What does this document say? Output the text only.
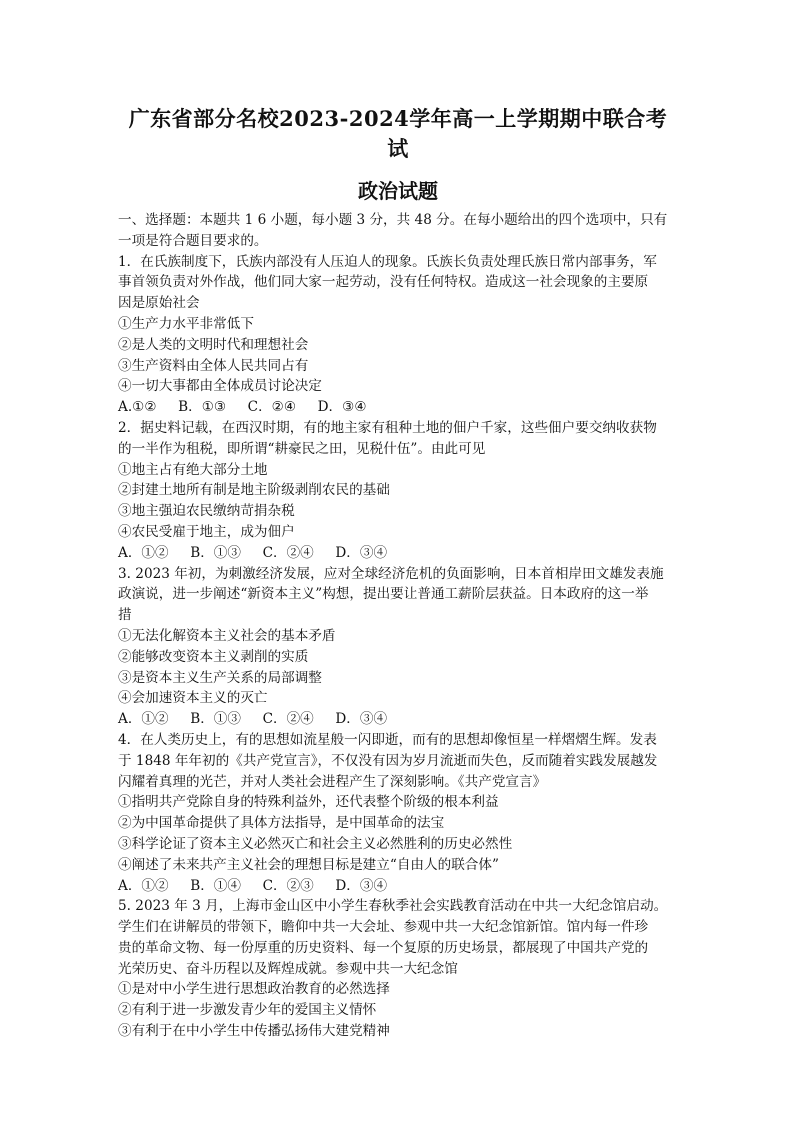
广东省部分名校2023-2024学年高一上学期期中联合考试
政治试题

一、选择题：本题共 1 6 小题，每小题 3 分，共 48 分。在每小题给出的四个选项中，只有

一项是符合题目要求的。

1．在氏族制度下，氏族内部没有人压迫人的现象。氏族长负责处理氏族日常内部事务，军

事首领负责对外作战，他们同大家一起劳动，没有任何特权。造成这一社会现象的主要原

因是原始社会

①生产力水平非常低下

②是人类的文明时代和理想社会

③生产资料由全体人民共同占有

④一切大事都由全体成员讨论决定

A.①②     B．①③     C．②④     D．③④

2．据史料记载，在西汉时期，有的地主家有租种土地的佃户千家，这些佃户要交纳收获物

的一半作为租税，即所谓“耕豪民之田，见税什伍”。由此可见

①地主占有绝大部分土地

②封建土地所有制是地主阶级剥削农民的基础

③地主强迫农民缴纳苛捐杂税

④农民受雇于地主，成为佃户

A．①②     B．①③     C．②④     D．③④

3. 2023 年初，为刺激经济发展，应对全球经济危机的负面影响，日本首相岸田文雄发表施

政演说，进一步阐述“新资本主义”构想，提出要让普通工薪阶层获益。日本政府的这一举

措

①无法化解资本主义社会的基本矛盾

②能够改变资本主义剥削的实质

③是资本主义生产关系的局部调整

④会加速资本主义的灭亡

A．①②     B．①③     C．②④     D．③④

4．在人类历史上，有的思想如流星般一闪即逝，而有的思想却像恒星一样熠熠生辉。发表

于 1848 年年初的《共产党宣言》，不仅没有因为岁月流逝而失色，反而随着实践发展越发

闪耀着真理的光芒，并对人类社会进程产生了深刻影响。《共产党宣言》

①指明共产党除自身的特殊利益外，还代表整个阶级的根本利益

②为中国革命提供了具体方法指导，是中国革命的法宝

③科学论证了资本主义必然灭亡和社会主义必然胜利的历史必然性

④阐述了未来共产主义社会的理想目标是建立“自由人的联合体”

A．①②     B．①④     C．②③     D．③④

5. 2023 年 3 月，上海市金山区中小学生春秋季社会实践教育活动在中共一大纪念馆启动。

学生们在讲解员的带领下，瞻仰中共一大会址、参观中共一大纪念馆新馆。馆内每一件珍

贵的革命文物、每一份厚重的历史资料、每一个复原的历史场景，都展现了中国共产党的

光荣历史、奋斗历程以及辉煌成就。参观中共一大纪念馆

①是对中小学生进行思想政治教育的必然选择

②有利于进一步激发青少年的爱国主义情怀

③有利于在中小学生中传播弘扬伟大建党精神
